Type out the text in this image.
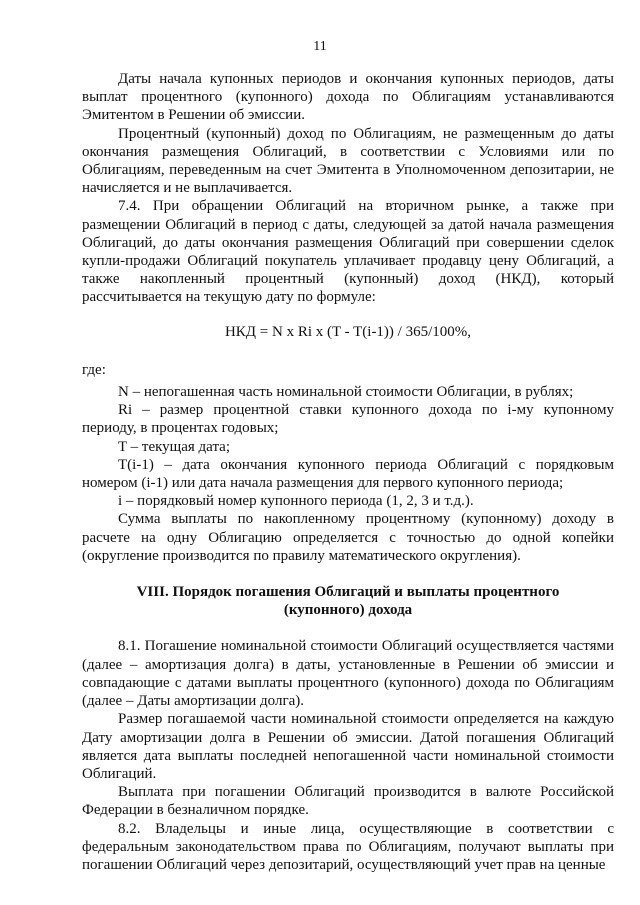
11

Даты начала купонных периодов и окончания купонных периодов, даты выплат процентного (купонного) дохода по Облигациям устанавливаются Эмитентом в Решении об эмиссии.

Процентный (купонный) доход по Облигациям, не размещенным до даты окончания размещения Облигаций, в соответствии с Условиями или по Облигациям, переведенным на счет Эмитента в Уполномоченном депозитарии, не начисляется и не выплачивается.

7.4. При обращении Облигаций на вторичном рынке, а также при размещении Облигаций в период с даты, следующей за датой начала размещения Облигаций, до даты окончания размещения Облигаций при совершении сделок купли-продажи Облигаций покупатель уплачивает продавцу цену Облигаций, а также накопленный процентный (купонный) доход (НКД), который рассчитывается на текущую дату по формуле:

НКД = N x Ri x (T - T(i-1)) / 365/100%,

где:

N – непогашенная часть номинальной стоимости Облигации, в рублях;

Ri – размер процентной ставки купонного дохода по i-му купонному периоду, в процентах годовых;

T – текущая дата;

T(i-1) – дата окончания купонного периода Облигаций с порядковым номером (i-1) или дата начала размещения для первого купонного периода;

i – порядковый номер купонного периода (1, 2, 3 и т.д.).

Сумма выплаты по накопленному процентному (купонному) доходу в расчете на одну Облигацию определяется с точностью до одной копейки (округление производится по правилу математического округления).

VIII. Порядок погашения Облигаций и выплаты процентного
(купонного) дохода

8.1. Погашение номинальной стоимости Облигаций осуществляется частями (далее – амортизация долга) в даты, установленные в Решении об эмиссии и совпадающие с датами выплаты процентного (купонного) дохода по Облигациям (далее – Даты амортизации долга).

Размер погашаемой части номинальной стоимости определяется на каждую Дату амортизации долга в Решении об эмиссии. Датой погашения Облигаций является дата выплаты последней непогашенной части номинальной стоимости Облигаций.

Выплата при погашении Облигаций производится в валюте Российской Федерации в безналичном порядке.

8.2. Владельцы и иные лица, осуществляющие в соответствии с федеральным законодательством права по Облигациям, получают выплаты при погашении Облигаций через депозитарий, осуществляющий учет прав на ценные
